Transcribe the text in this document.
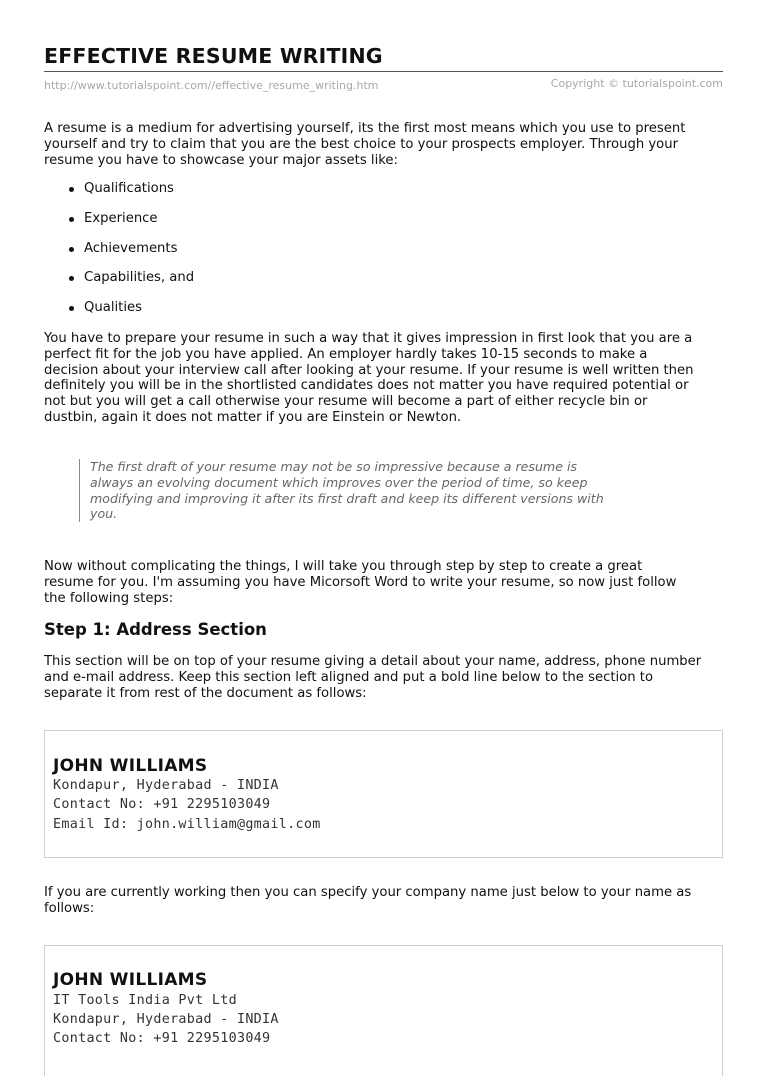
EFFECTIVE RESUME WRITING
http://www.tutorialspoint.com//effective_resume_writing.htm	Copyright © tutorialspoint.com
A resume is a medium for advertising yourself, its the first most means which you use to present
yourself and try to claim that you are the best choice to your prospects employer. Through your
resume you have to showcase your major assets like:
Qualifications
Experience
Achievements
Capabilities, and
Qualities
You have to prepare your resume in such a way that it gives impression in first look that you are a
perfect fit for the job you have applied. An employer hardly takes 10-15 seconds to make a
decision about your interview call after looking at your resume. If your resume is well written then
definitely you will be in the shortlisted candidates does not matter you have required potential or
not but you will get a call otherwise your resume will become a part of either recycle bin or
dustbin, again it does not matter if you are Einstein or Newton.
The first draft of your resume may not be so impressive because a resume is
always an evolving document which improves over the period of time, so keep
modifying and improving it after its first draft and keep its different versions with
you.
Now without complicating the things, I will take you through step by step to create a great
resume for you. I'm assuming you have Micorsoft Word to write your resume, so now just follow
the following steps:
Step 1: Address Section
This section will be on top of your resume giving a detail about your name, address, phone number
and e-mail address. Keep this section left aligned and put a bold line below to the section to
separate it from rest of the document as follows:
JOHN WILLIAMS
Kondapur, Hyderabad - INDIA
Contact No: +91 2295103049
Email Id: john.william@gmail.com
If you are currently working then you can specify your company name just below to your name as
follows:
JOHN WILLIAMS
IT Tools India Pvt Ltd
Kondapur, Hyderabad - INDIA
Contact No: +91 2295103049
